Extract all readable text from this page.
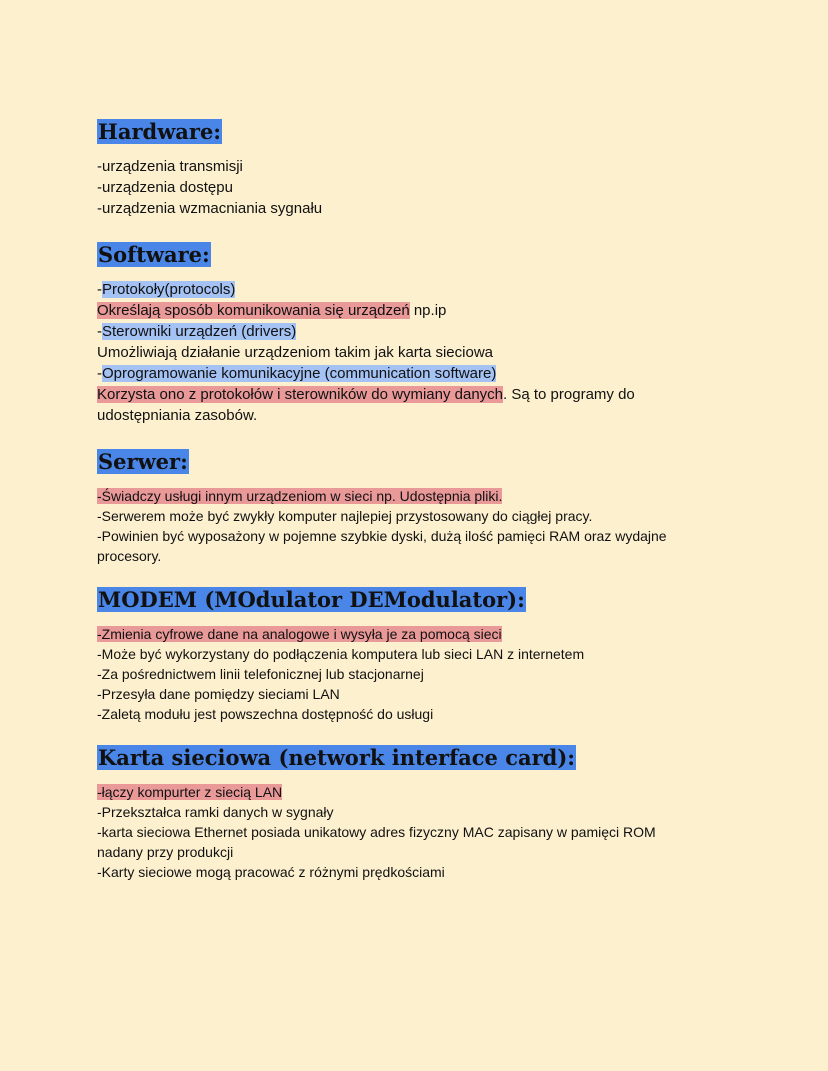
Hardware:
-urządzenia transmisji
-urządzenia dostępu
-urządzenia wzmacniania sygnału
Software:
-Protokoły(protocols)
Określają sposób komunikowania się urządzeń np.ip
-Sterowniki urządzeń (drivers)
Umożliwiają działanie urządzeniom takim jak karta sieciowa
-Oprogramowanie komunikacyjne (communication software)
Korzysta ono z protokołów i sterowników do wymiany danych. Są to programy do
udostępniania zasobów.
Serwer:
-Świadczy usługi innym urządzeniom w sieci np. Udostępnia pliki.
-Serwerem może być zwykły komputer najlepiej przystosowany do ciągłej pracy.
-Powinien być wyposażony w pojemne szybkie dyski, dużą ilość pamięci RAM oraz wydajne
procesory.
MODEM (MOdulator DEModulator):
-Zmienia cyfrowe dane na analogowe i wysyła je za pomocą sieci
-Może być wykorzystany do podłączenia komputera lub sieci LAN z internetem
-Za pośrednictwem linii telefonicznej lub stacjonarnej
-Przesyła dane pomiędzy sieciami LAN
-Zaletą modułu jest powszechna dostępność do usługi
Karta sieciowa (network interface card):
-łączy kompurter z siecią LAN
-Przekształca ramki danych w sygnały
-karta sieciowa Ethernet posiada unikatowy adres fizyczny MAC zapisany w pamięci ROM
nadany przy produkcji
-Karty sieciowe mogą pracować z różnymi prędkościami
